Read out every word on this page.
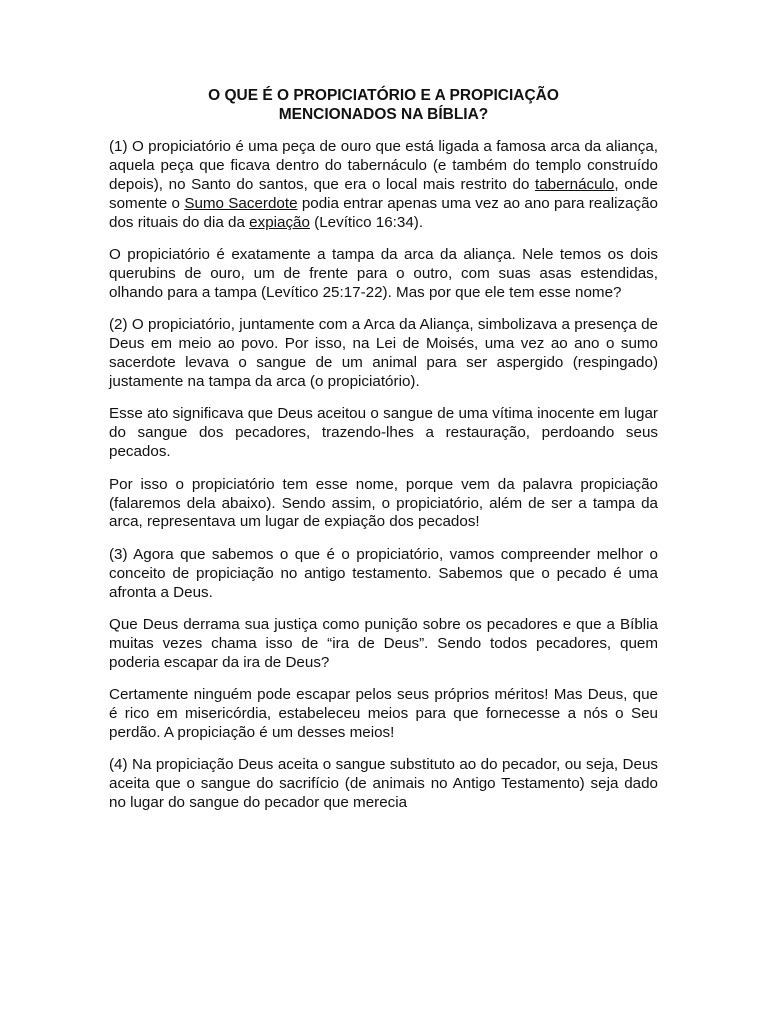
O QUE É O PROPICIATÓRIO E A PROPICIAÇÃO
MENCIONADOS NA BÍBLIA?

(1) O propiciatório é uma peça de ouro que está ligada a famosa arca da aliança, aquela peça que ficava dentro do tabernáculo (e também do templo construído depois), no Santo do santos, que era o local mais restrito do tabernáculo, onde somente o Sumo Sacerdote podia entrar apenas uma vez ao ano para realização dos rituais do dia da expiação (Levítico 16:34).

O propiciatório é exatamente a tampa da arca da aliança. Nele temos os dois querubins de ouro, um de frente para o outro, com suas asas estendidas, olhando para a tampa (Levítico 25:17-22). Mas por que ele tem esse nome?

(2) O propiciatório, juntamente com a Arca da Aliança, simbolizava a presença de Deus em meio ao povo. Por isso, na Lei de Moisés, uma vez ao ano o sumo sacerdote levava o sangue de um animal para ser aspergido (respingado) justamente na tampa da arca (o propiciatório).

Esse ato significava que Deus aceitou o sangue de uma vítima inocente em lugar do sangue dos pecadores, trazendo-lhes a restauração, perdoando seus pecados.

Por isso o propiciatório tem esse nome, porque vem da palavra propiciação (falaremos dela abaixo). Sendo assim, o propiciatório, além de ser a tampa da arca, representava um lugar de expiação dos pecados!

(3) Agora que sabemos o que é o propiciatório, vamos compreender melhor o conceito de propiciação no antigo testamento. Sabemos que o pecado é uma afronta a Deus.

Que Deus derrama sua justiça como punição sobre os pecadores e que a Bíblia muitas vezes chama isso de “ira de Deus”. Sendo todos pecadores, quem poderia escapar da ira de Deus?

Certamente ninguém pode escapar pelos seus próprios méritos! Mas Deus, que é rico em misericórdia, estabeleceu meios para que fornecesse a nós o Seu perdão. A propiciação é um desses meios!

(4) Na propiciação Deus aceita o sangue substituto ao do pecador, ou seja, Deus aceita que o sangue do sacrifício (de animais no Antigo Testamento) seja dado no lugar do sangue do pecador que merecia
